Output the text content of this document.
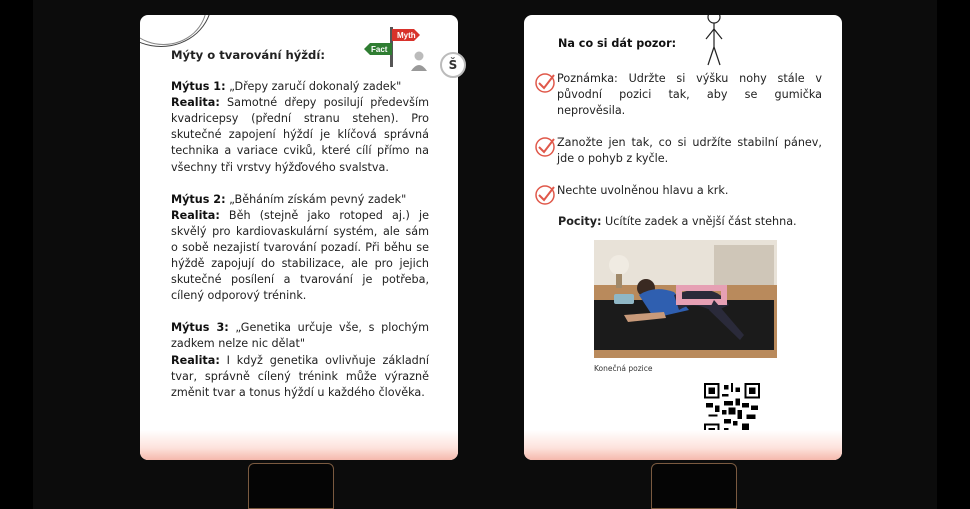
Myth
Fact

Mýty o tvarování hýždí:

Mýtus 1: „Dřepy zaručí dokonalý zadek"

Realita: Samotné dřepy posilují především kvadricepsy (přední stranu stehen). Pro skutečné zapojení hýždí je klíčová správná technika a variace cviků, které cílí přímo na všechny tři vrstvy hýžďového svalstva.

Mýtus 2: „Běháním získám pevný zadek"

Realita: Běh (stejně jako rotoped aj.) je skvělý pro kardiovaskulární systém, ale sám o sobě nezajistí tvarování pozadí. Při běhu se hýždě zapojují do stabilizace, ale pro jejich skutečné posílení a tvarování je potřeba, cílený odporový trénink.

Mýtus 3: „Genetika určuje vše, s plochým zadkem nelze nic dělat"

Realita: I když genetika ovlivňuje základní tvar, správně cílený trénink může výrazně změnit tvar a tonus hýždí u každého člověka.

Š
Na co si dát pozor:
Poznámka: Udržte si výšku nohy stále v původní pozici tak, aby se gumička neprověsila.
Zanožte jen tak, co si udržíte stabilní pánev, jde o pohyb z kyčle.
Nechte uvolněnou hlavu a krk.
Pocity: Ucítíte zadek a vnější část stehna.
Konečná pozice
